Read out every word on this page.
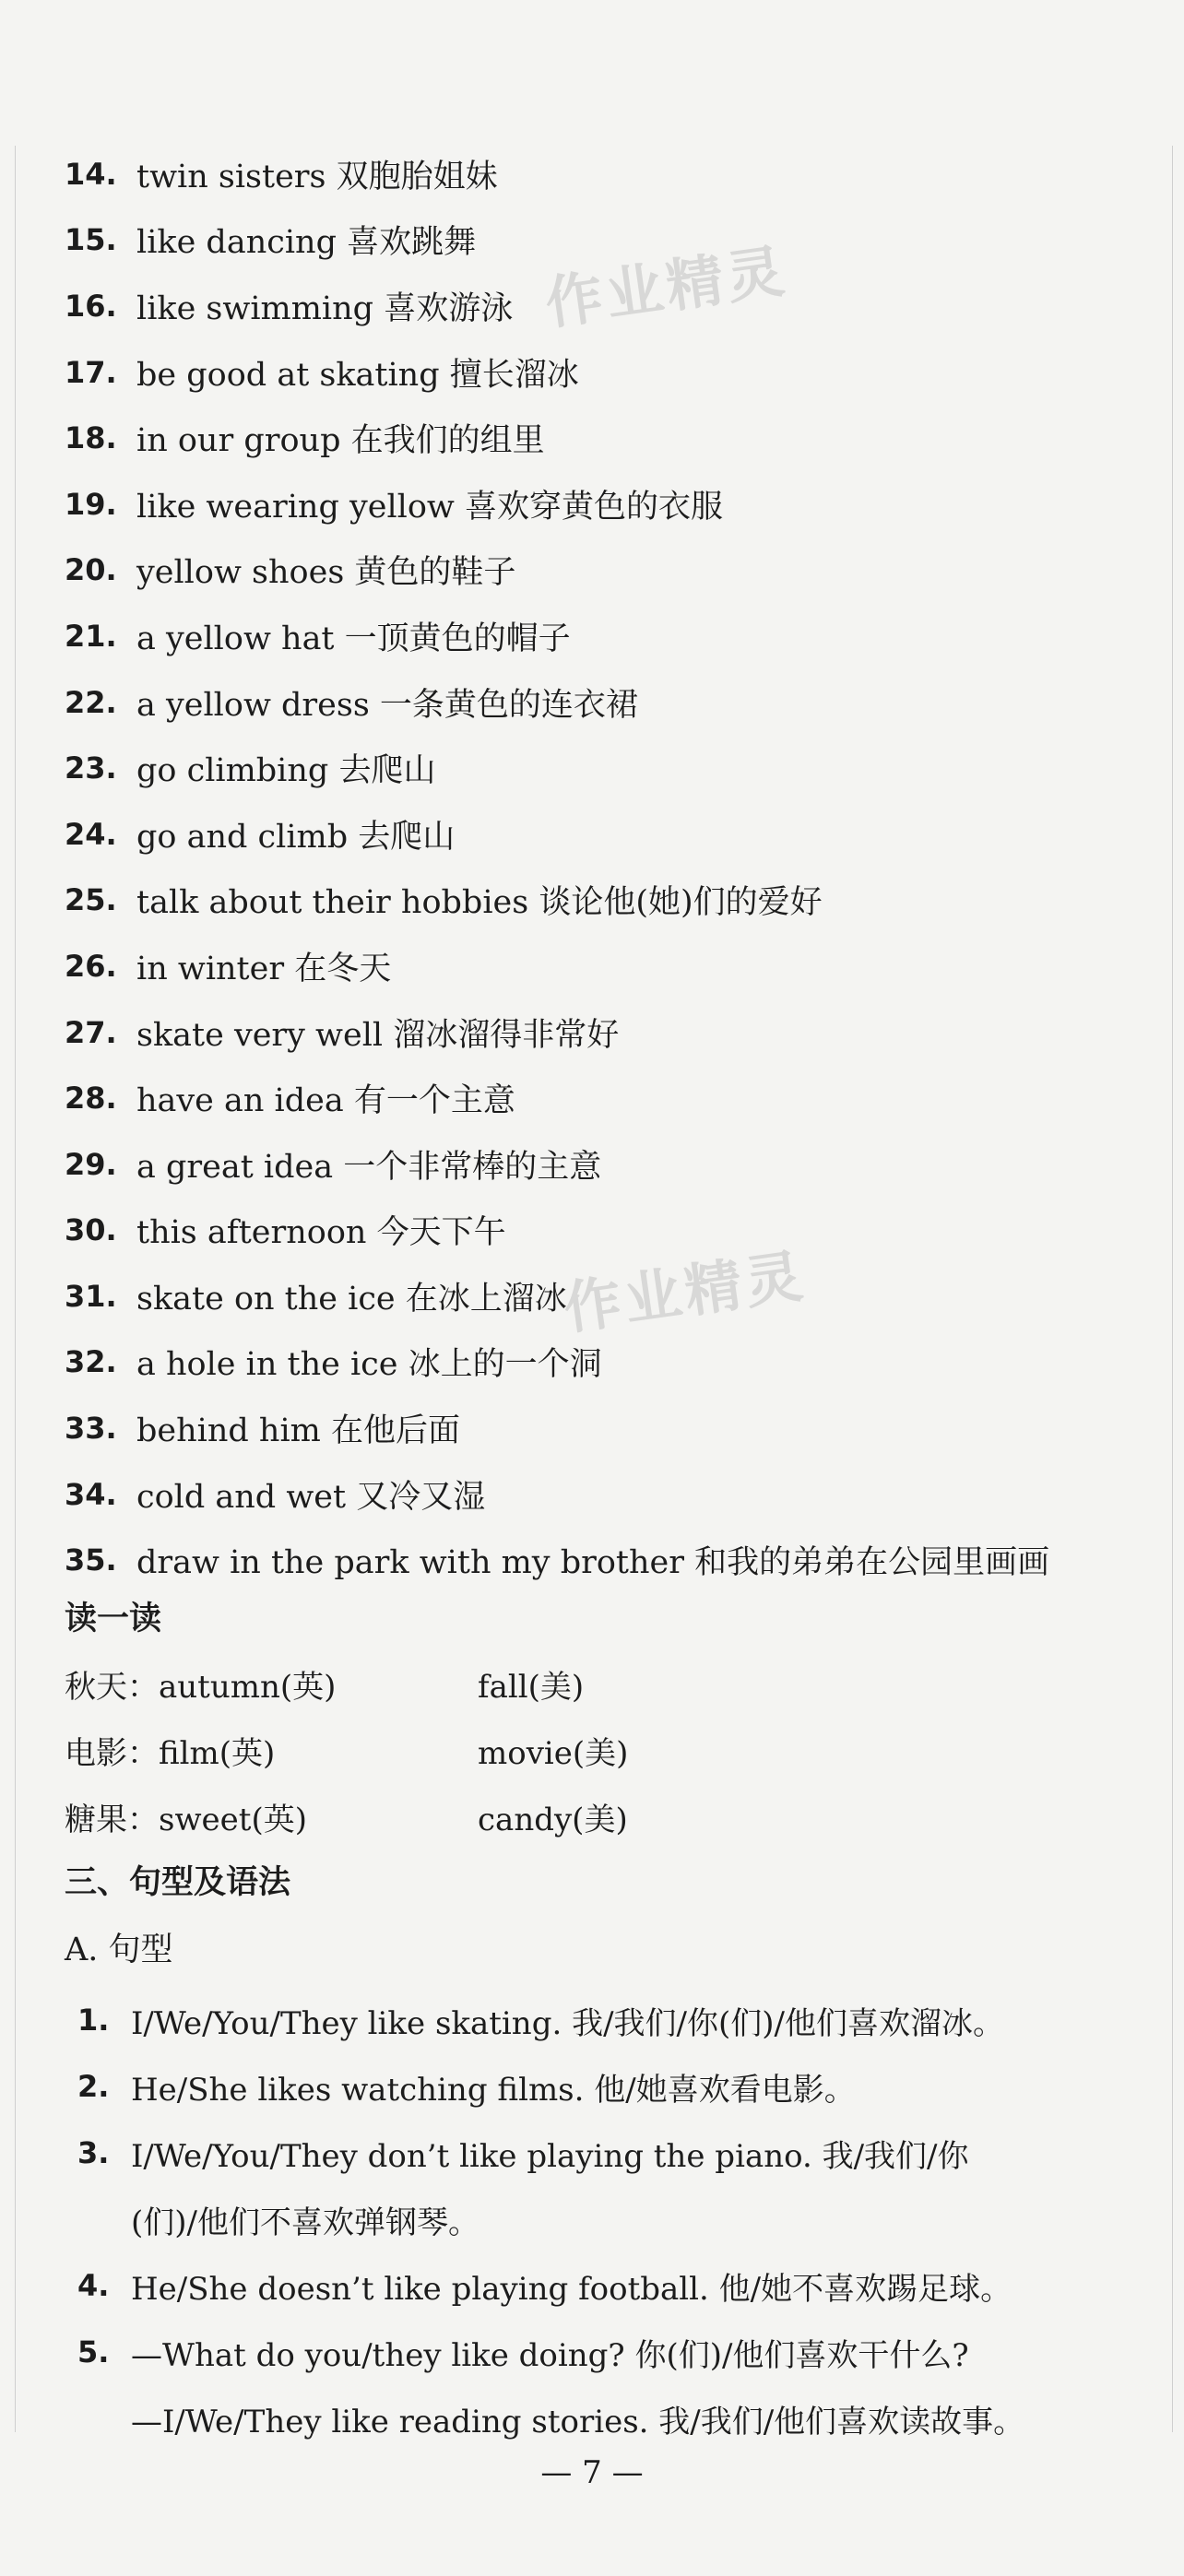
14. twin sisters 双胞胎姐妹
15. like dancing 喜欢跳舞
16. like swimming 喜欢游泳
17. be good at skating 擅长溜冰
18. in our group 在我们的组里
19. like wearing yellow 喜欢穿黄色的衣服
20. yellow shoes 黄色的鞋子
21. a yellow hat 一顶黄色的帽子
22. a yellow dress 一条黄色的连衣裙
23. go climbing 去爬山
24. go and climb 去爬山
25. talk about their hobbies 谈论他(她)们的爱好
26. in winter 在冬天
27. skate very well 溜冰溜得非常好
28. have an idea 有一个主意
29. a great idea 一个非常棒的主意
30. this afternoon 今天下午
31. skate on the ice 在冰上溜冰
32. a hole in the ice 冰上的一个洞
33. behind him 在他后面
34. cold and wet 又冷又湿
35. draw in the park with my brother 和我的弟弟在公园里画画
读一读
秋天：autumn(英)	fall(美)
电影：film(英)	movie(美)
糖果：sweet(英)	candy(美)
三、句型及语法
A. 句型
1. I/We/You/They like skating. 我/我们/你(们)/他们喜欢溜冰。
2. He/She likes watching films. 他/她喜欢看电影。
3. I/We/You/They don’t like playing the piano. 我/我们/你
(们)/他们不喜欢弹钢琴。
4. He/She doesn’t like playing football. 他/她不喜欢踢足球。
5. —What do you/they like doing? 你(们)/他们喜欢干什么?
—I/We/They like reading stories. 我/我们/他们喜欢读故事。
— 7 —
作业精灵
作业精灵
